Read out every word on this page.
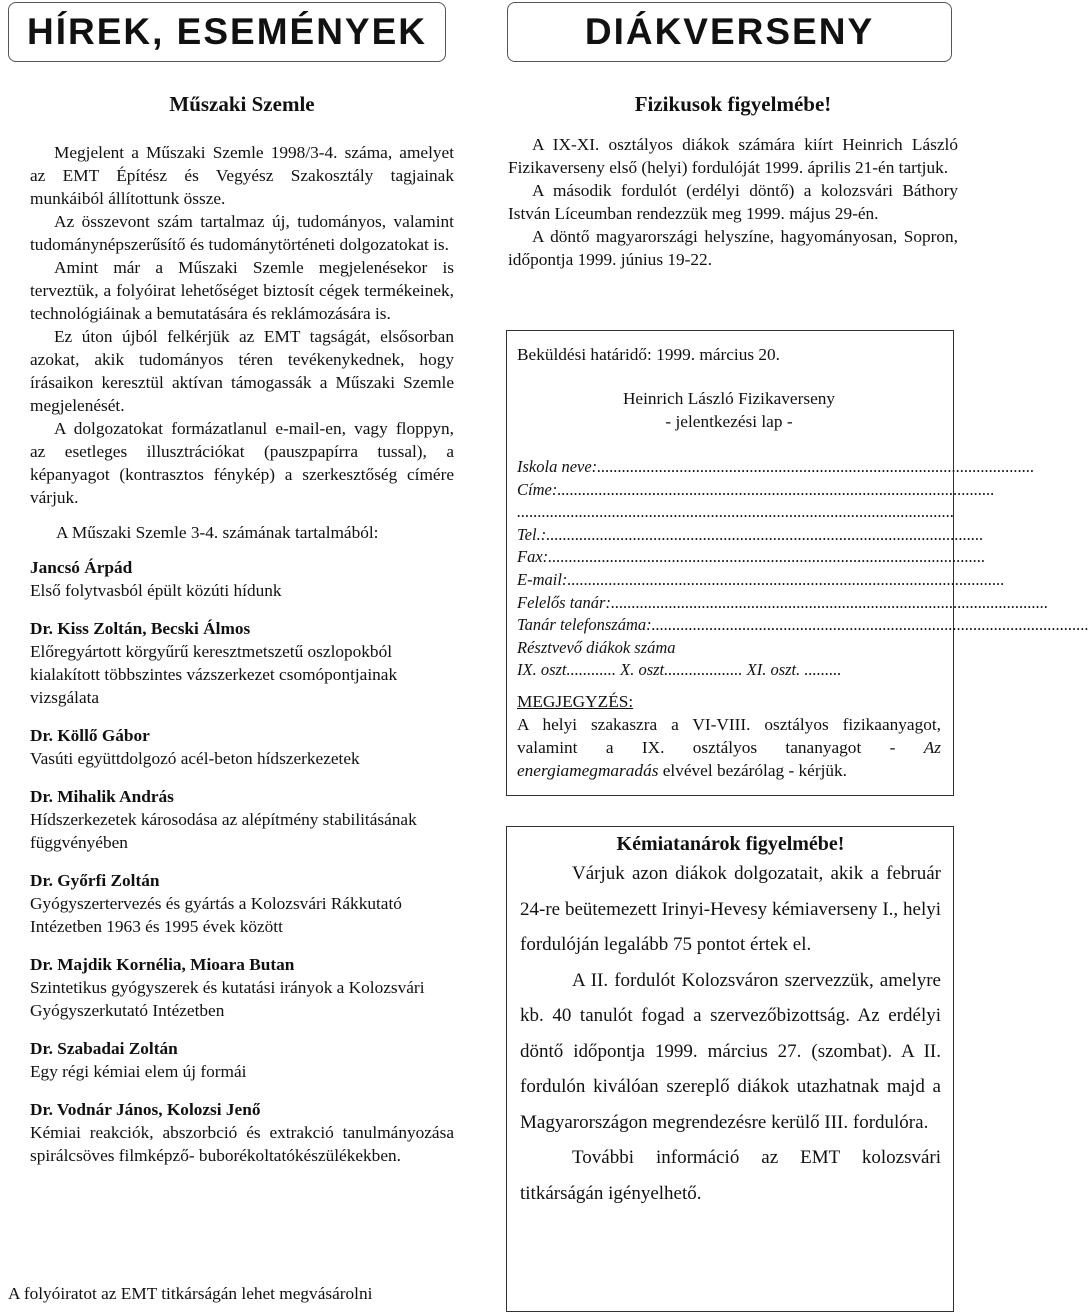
HÍREK, ESEMÉNYEK	DIÁKVERSENY

Műszaki Szemle

Megjelent a Műszaki Szemle 1998/3-4. száma, amelyet az EMT Építész és Vegyész Szakosztály tagjainak munkáiból állítottunk össze.

Az összevont szám tartalmaz új, tudományos, valamint tudománynépszerűsítő és tudománytörténeti dolgozatokat is.

Amint már a Műszaki Szemle megjelenésekor is terveztük, a folyóirat lehetőséget biztosít cégek termékeinek, technológiáinak a bemutatására és reklámozására is.

Ez úton újból felkérjük az EMT tagságát, elsősorban azokat, akik tudományos téren tevékenykednek, hogy írásaikon keresztül aktívan támogassák a Műszaki Szemle megjelenését.

A dolgozatokat formázatlanul e-mail-en, vagy floppyn, az esetleges illusztrációkat (pauszpapírra tussal), a képanyagot (kontrasztos fénykép) a szerkesztőség címére várjuk.

A Műszaki Szemle 3-4. számának tartalmából:

Jancsó Árpád

Első folytvasból épült közúti hídunk

Dr. Kiss Zoltán, Becski Álmos

Előregyártott körgyűrű keresztmetszetű oszlopokból kialakított többszintes vázszerkezet csomópontjainak vizsgálata

Dr. Köllő Gábor

Vasúti együttdolgozó acél-beton hídszerkezetek

Dr. Mihalik András

Hídszerkezetek károsodása az alépítmény stabilitásának függvényében

Dr. Győrfi Zoltán

Gyógyszertervezés és gyártás a Kolozsvári Rákkutató Intézetben 1963 és 1995 évek között

Dr. Majdik Kornélia, Mioara Butan

Szintetikus gyógyszerek és kutatási irányok a Kolozsvári Gyógyszerkutató Intézetben

Dr. Szabadai Zoltán

Egy régi kémiai elem új formái

Dr. Vodnár János, Kolozsi Jenő

Kémiai reakciók, abszorbció és extrakció tanulmányozása spirálcsöves filmképző- buborékoltatókészülékekben.

A folyóiratot az EMT titkárságán lehet megvásárolni

Fizikusok figyelmébe!

A IX-XI. osztályos diákok számára kiírt Heinrich László Fizikaverseny első (helyi) fordulóját 1999. április 21-én tartjuk.

A második fordulót (erdélyi döntő) a kolozsvári Báthory István Líceumban rendezzük meg 1999. május 29-én.

A döntő magyarországi helyszíne, hagyományosan, Sopron, időpontja 1999. június 19-22.

Beküldési határidő: 1999. március 20.

Heinrich László Fizikaverseny

- jelentkezési lap -

Iskola neve:..........................................................................................................
Címe:..........................................................................................................
..........................................................................................................
Tel.:..........................................................................................................
Fax:..........................................................................................................
E-mail:..........................................................................................................
Felelős tanár:..........................................................................................................
Tanár telefonszáma:..........................................................................................................
Résztvevő diákok száma
IX. oszt............ X. oszt................... XI. oszt. .........

MEGJEGYZÉS:

A helyi szakaszra a VI-VIII. osztályos fizikaanyagot, valamint a IX. osztályos tananyagot - Az energiamegmaradás elvével bezárólag - kérjük.

Kémiatanárok figyelmébe!

Várjuk azon diákok dolgozatait, akik a február 24-re beütemezett Irinyi-Hevesy kémiaverseny I., helyi fordulóján legalább 75 pontot értek el.

A II. fordulót Kolozsváron szervezzük, amelyre kb. 40 tanulót fogad a szervezőbizottság. Az erdélyi döntő időpontja 1999. március 27. (szombat). A II. fordulón kiválóan szereplő diákok utazhatnak majd a Magyarországon megrendezésre kerülő III. fordulóra.

További információ az EMT kolozsvári titkárságán igényelhető.
